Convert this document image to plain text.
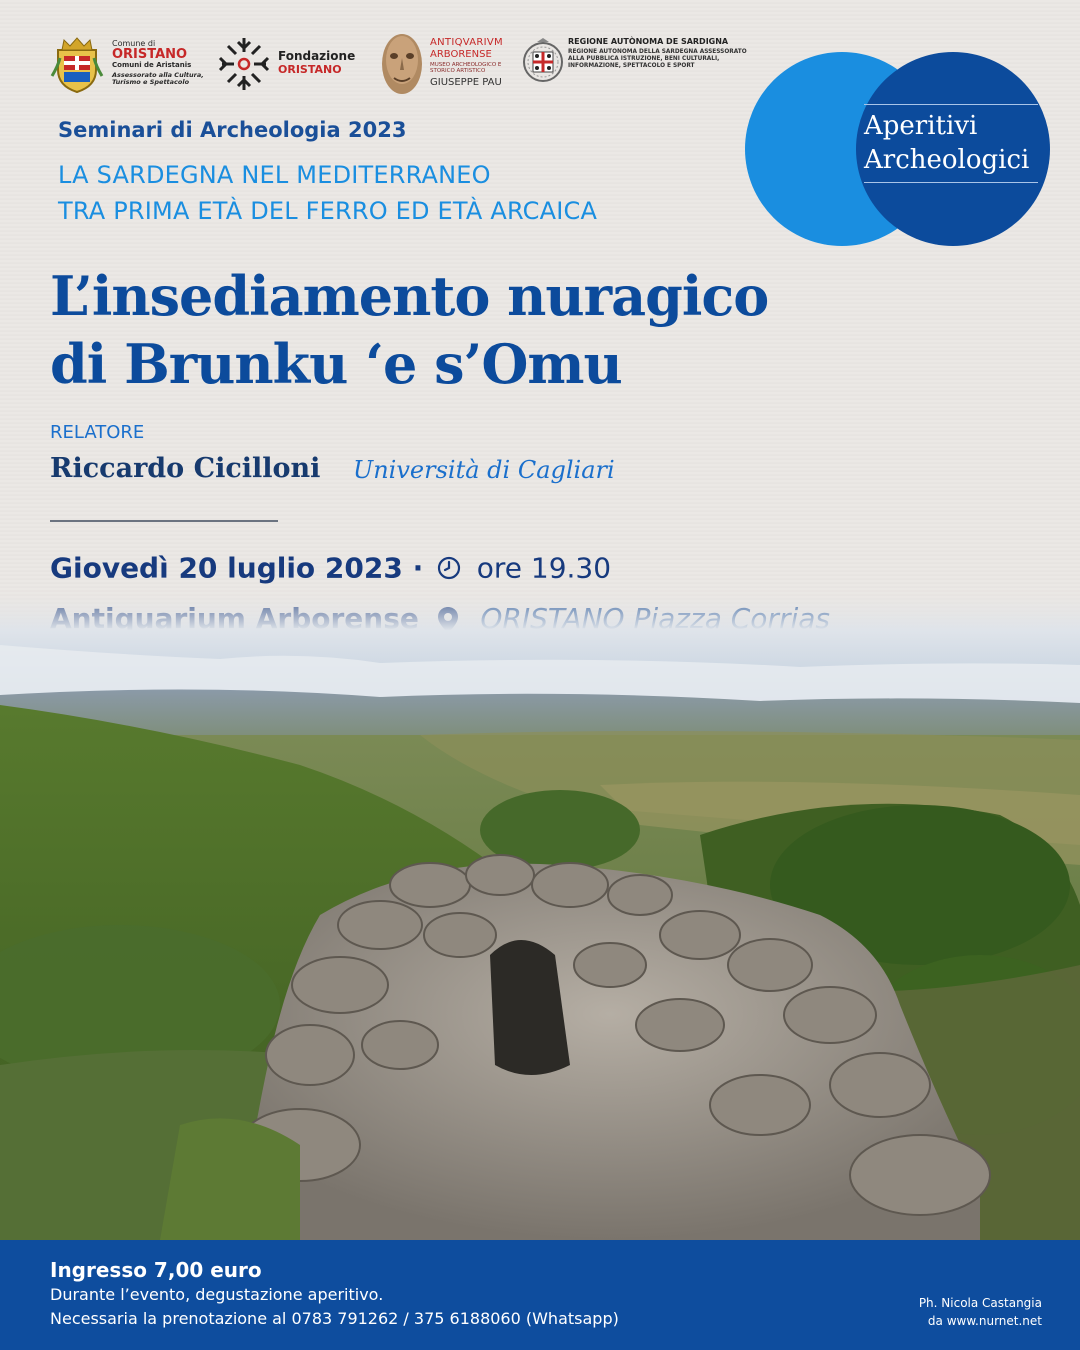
Comune di
ORISTANO
Comuni de Aristanis
Assessorato alla Cultura, Turismo e Spettacolo
Fondazione
ORISTANO
ANTIQVARIVM
ARBORENSE
MUSEO ARCHEOLOGICO E STORICO ARTISTICO
GIUSEPPE PAU
REGIONE AUTÒNOMA DE SARDIGNA
REGIONE AUTONOMA DELLA SARDEGNA ASSESSORATO ALLA PUBBLICA ISTRUZIONE, BENI CULTURALI, INFORMAZIONE, SPETTACOLO E SPORT
Aperitivi
Archeologici
Seminari di Archeologia 2023
LA SARDEGNA NEL MEDITERRANEO
TRA PRIMA ETÀ DEL FERRO ED ETÀ ARCAICA
L’insediamento nuragico
di Brunku ‘e s’Omu
RELATORE
Riccardo Cicilloni Università di Cagliari
Giovedì 20 luglio 2023 · ore 19.30
Ingresso 7,00 euro
Durante l’evento, degustazione aperitivo.
Necessaria la prenotazione al 0783 791262 / 375 6188060 (Whatsapp)
Ph. Nicola Castangia
da www.nurnet.net
